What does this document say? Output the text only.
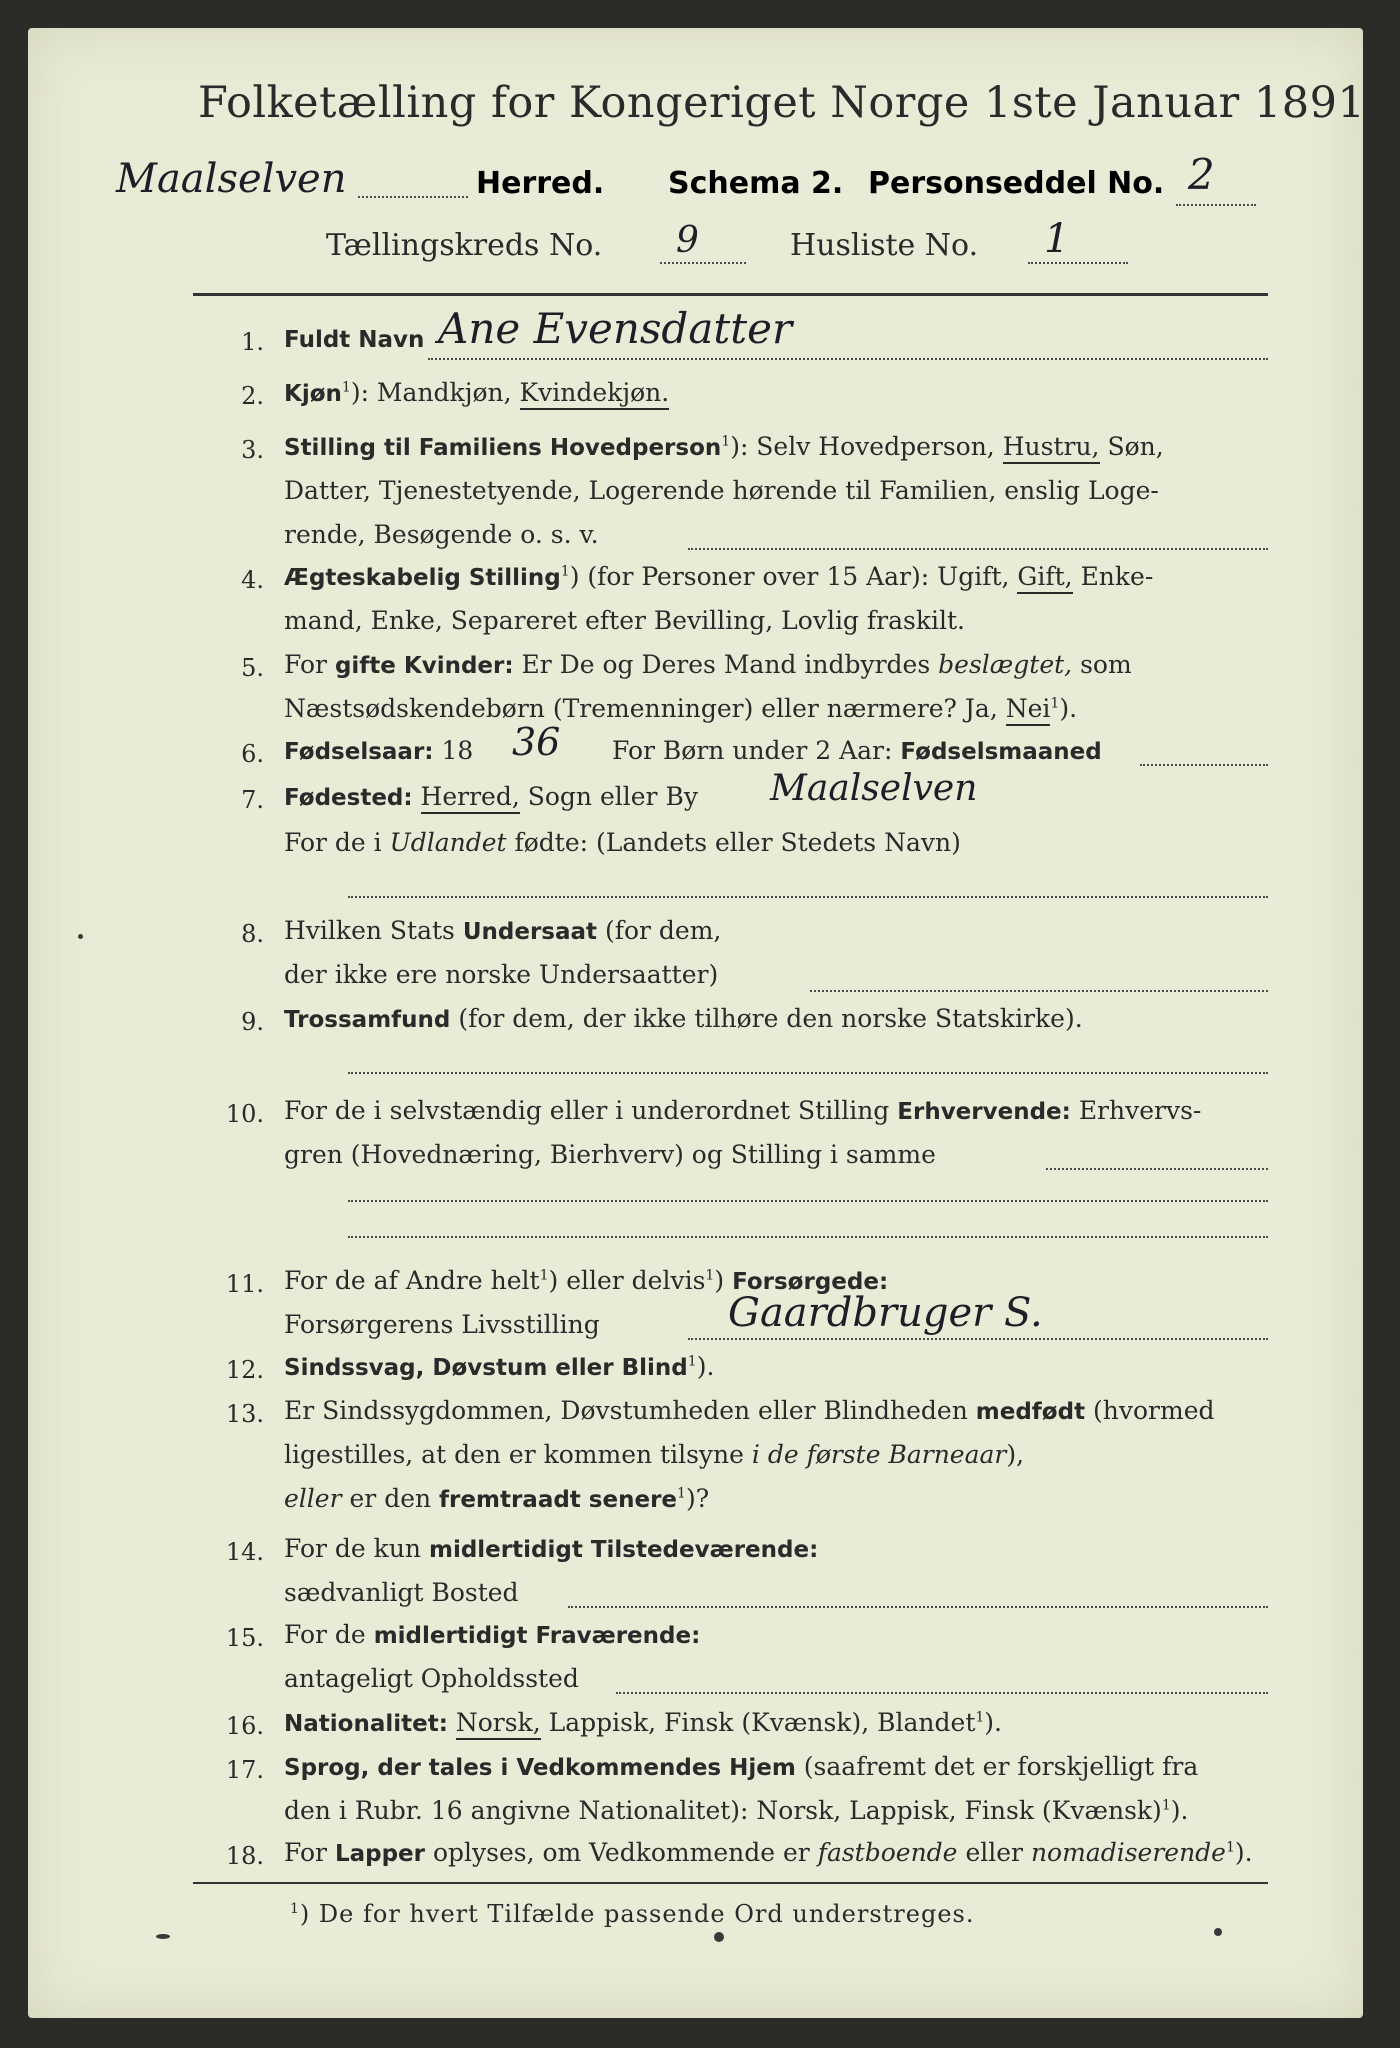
Folketælling for Kongeriget Norge 1ste Januar 1891.
Maalselven	Herred. Schema 2. Personseddel No. 2
Tællingskreds No. 9	Husliste No. 1
1. Fuldt Navn Ane Evensdatter
2. Kjøn$^1$): Mandkjøn, Kvindekjøn.
3. Stilling til Familiens Hovedperson$^1$): Selv Hovedperson, Hustru, Søn,
Datter, Tjenestetyende, Logerende hørende til Familien, enslig Loge-
rende, Besøgende o. s. v.
4. Ægteskabelig Stilling$^1$) (for Personer over 15 Aar): Ugift, Gift, Enke-
mand, Enke, Separeret efter Bevilling, Lovlig fraskilt.
5. For gifte Kvinder: Er De og Deres Mand indbyrdes beslægtet, som
Næstsødskendebørn (Tremenninger) eller nærmere? Ja, Nei$^1$).
6. Fødselsaar: 18 36 For Børn under 2 Aar: Fødselsmaaned
7. Fødested: Herred, Sogn eller By Maalselven
For de i Udlandet fødte: (Landets eller Stedets Navn)
8. Hvilken Stats Undersaat (for dem,
der ikke ere norske Undersaatter)
9. Trossamfund (for dem, der ikke tilhøre den norske Statskirke).
10. For de i selvstændig eller i underordnet Stilling Erhvervende: Erhvervs-
gren (Hovednæring, Bierhverv) og Stilling i samme
11. For de af Andre helt$^1$) eller delvis$^1$) Forsørgede:
Forsørgerens Livsstilling	Gaardbruger S.
12. Sindssvag, Døvstum eller Blind$^1$).
13. Er Sindssygdommen, Døvstumheden eller Blindheden medfødt (hvormed
ligestilles, at den er kommen tilsyne i de første Barneaar),
eller er den fremtraadt senere$^1$)?
14. For de kun midlertidigt Tilstedeværende:
sædvanligt Bosted
15. For de midlertidigt Fraværende:
antageligt Opholdssted
16. Nationalitet: Norsk, Lappisk, Finsk (Kvænsk), Blandet$^1$).
17. Sprog, der tales i Vedkommendes Hjem (saafremt det er forskjelligt fra
den i Rubr. 16 angivne Nationalitet): Norsk, Lappisk, Finsk (Kvænsk)$^1$).
18. For Lapper oplyses, om Vedkommende er fastboende eller nomadiserende$^1$).
$^1$) De for hvert Tilfælde passende Ord understreges.
